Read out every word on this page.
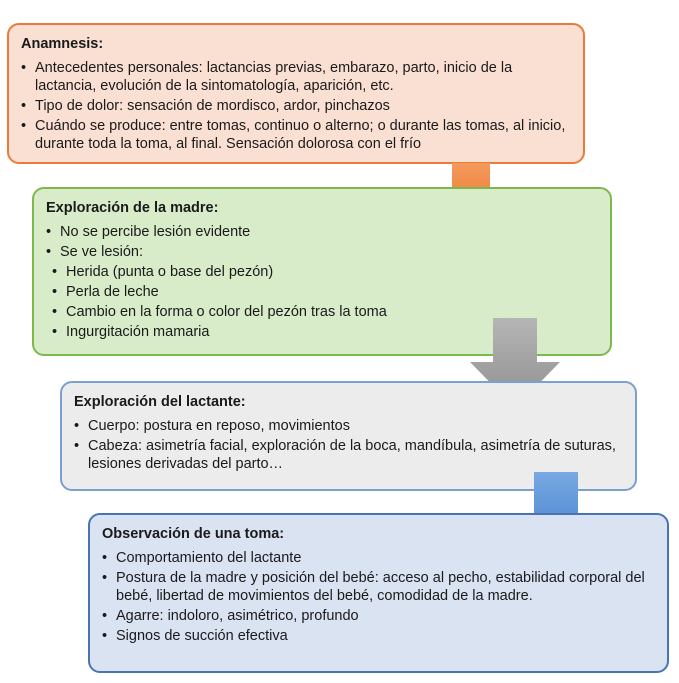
Anamnesis:
• Antecedentes personales: lactancias previas, embarazo, parto, inicio de la lactancia, evolución de la sintomatología, aparición, etc.
• Tipo de dolor: sensación de mordisco, ardor, pinchazos
• Cuándo se produce: entre tomas, continuo o alterno; o durante las tomas, al inicio, durante toda la toma, al final. Sensación dolorosa con el frío
Exploración de la madre:
• No se percibe lesión evidente
• Se ve lesión:
• Herida (punta o base del pezón)
• Perla de leche
• Cambio en la forma o color del pezón tras la toma
• Ingurgitación mamaria
Exploración del lactante:
• Cuerpo: postura en reposo, movimientos
• Cabeza: asimetría facial, exploración de la boca, mandíbula, asimetría de suturas, lesiones derivadas del parto…
Observación de una toma:
• Comportamiento del lactante
• Postura de la madre y posición del bebé: acceso al pecho, estabilidad corporal del bebé, libertad de movimientos del bebé, comodidad de la madre.
• Agarre: indoloro, asimétrico, profundo
• Signos de succión efectiva
